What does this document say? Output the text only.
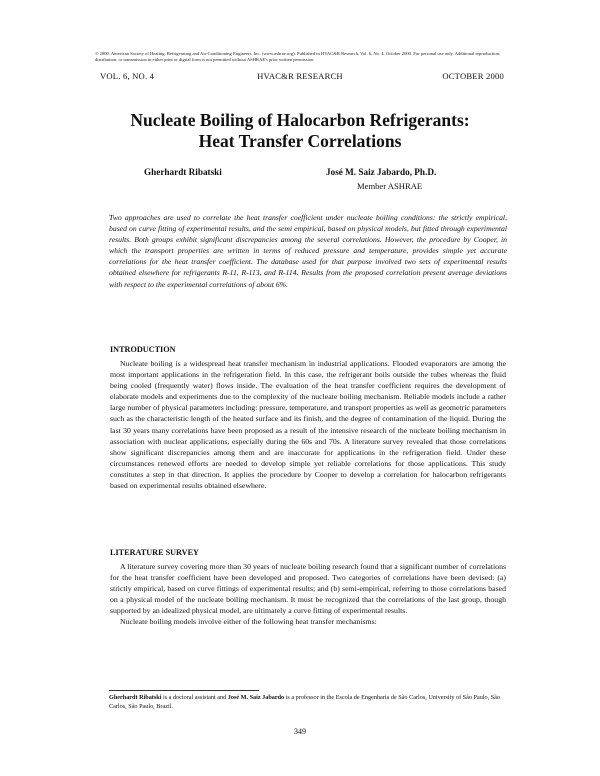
© 2000. American Society of Heating, Refrigerating and Air-Conditioning Engineers, Inc. (www.ashrae.org). Published in HVAC&R Research, Vol. 6, No. 4, October 2000. For personal use only. Additional reproduction, distribution, or transmission in either print or digital form is not permitted without ASHRAE's prior written permission.
VOL. 6, NO. 4	HVAC&R RESEARCH	OCTOBER 2000
Nucleate Boiling of Halocarbon Refrigerants:
Heat Transfer Correlations
Gherhardt Ribatski	José M. Saiz Jabardo, Ph.D.
Member ASHRAE
Two approaches are used to correlate the heat transfer coefficient under nucleate boiling conditions: the strictly empirical, based on curve fitting of experimental results, and the semi empirical, based on physical models, but fitted through experimental results. Both groups exhibit significant discrepancies among the several correlations. However, the procedure by Cooper, in which the transport properties are written in terms of reduced pressure and temperature, provides simple yet accurate correlations for the heat transfer coefficient. The database used for that purpose involved two sets of experimental results obtained elsewhere for refrigerants R-11, R-113, and R-114. Results from the proposed correlation present average deviations with respect to the experimental correlations of about 6%.
INTRODUCTION

Nucleate boiling is a widespread heat transfer mechanism in industrial applications. Flooded evaporators are among the most important applications in the refrigeration field. In this case, the refrigerant boils outside the tubes whereas the fluid being cooled (frequently water) flows inside. The evaluation of the heat transfer coefficient requires the development of elaborate models and experiments due to the complexity of the nucleate boiling mechanism. Reliable models include a rather large number of physical parameters including: pressure, temperature, and transport properties as well as geometric parameters such as the characteristic length of the heated surface and its finish, and the degree of contamination of the liquid. During the last 30 years many correlations have been proposed as a result of the intensive research of the nucleate boiling mechanism in association with nuclear applications, especially during the 60s and 70s. A literature survey revealed that those correlations show significant discrepancies among them and are inaccurate for applications in the refrigeration field. Under these circumstances renewed efforts are needed to develop simple yet reliable correlations for those applications. This study constitutes a step in that direction. It applies the procedure by Cooper to develop a correlation for halocarbon refrigerants based on experimental results obtained elsewhere.

LITERATURE SURVEY

A literature survey covering more than 30 years of nucleate boiling research found that a significant number of correlations for the heat transfer coefficient have been developed and proposed. Two categories of correlations have been devised: (a) strictly empirical, based on curve fittings of experimental results; and (b) semi-empirical, referring to those correlations based on a physical model of the nucleate boiling mechanism. It must be recognized that the correlations of the last group, though supported by an idealized physical model, are ultimately a curve fitting of experimental results.

Nucleate boiling models involve either of the following heat transfer mechanisms:

Gherhardt Ribatski is a doctoral assistant and José M. Saiz Jabardo is a professor in the Escola de Engenharia de São Carlos, University of São Paulo, São Carlos, São Paulo, Brazil.
349
